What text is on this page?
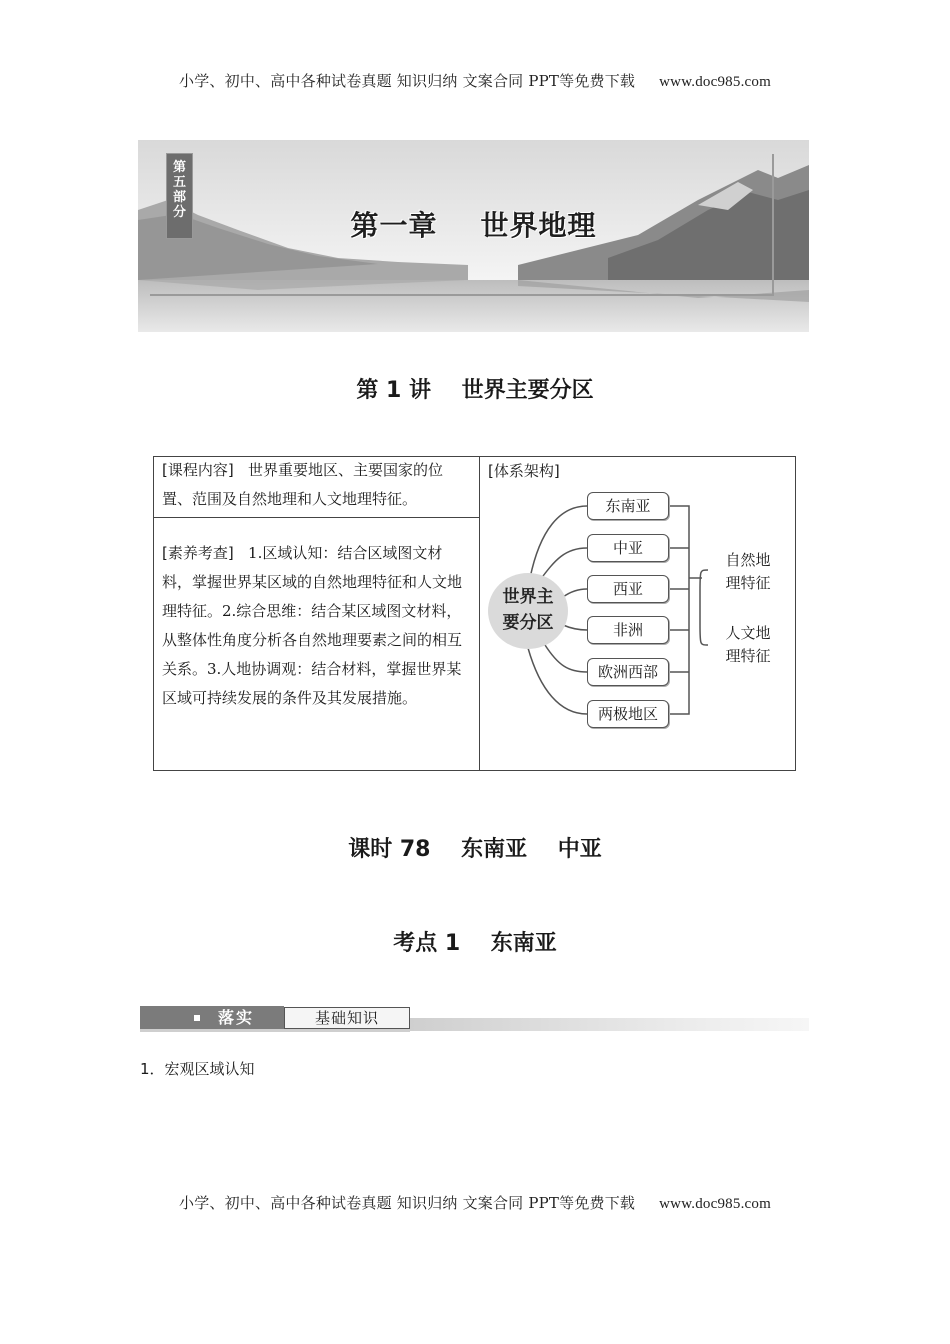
小学、初中、高中各种试卷真题 知识归纳 文案合同 PPT等免费下载 www.doc985.com
第
五
部
分	第一章    世界地理
第 1 讲    世界主要分区
[课程内容] 世界重要地区、主要国家的位置、范围及自然地理和人文地理特征。
[素养考查] 1.区域认知：结合区域图文材料，掌握世界某区域的自然地理特征和人文地理特征。2.综合思维：结合某区域图文材料，从整体性角度分析各自然地理要素之间的相互关系。3.人地协调观：结合材料，掌握世界某区域可持续发展的条件及其发展措施。
[体系架构]
世界主
要分区
东南亚
中亚
西亚
非洲
欧洲西部
两极地区
自然地
理特征
人文地
理特征
课时 78    东南亚    中亚
考点 1    东南亚
落实	基础知识
1．宏观区域认知
小学、初中、高中各种试卷真题 知识归纳 文案合同 PPT等免费下载 www.doc985.com
